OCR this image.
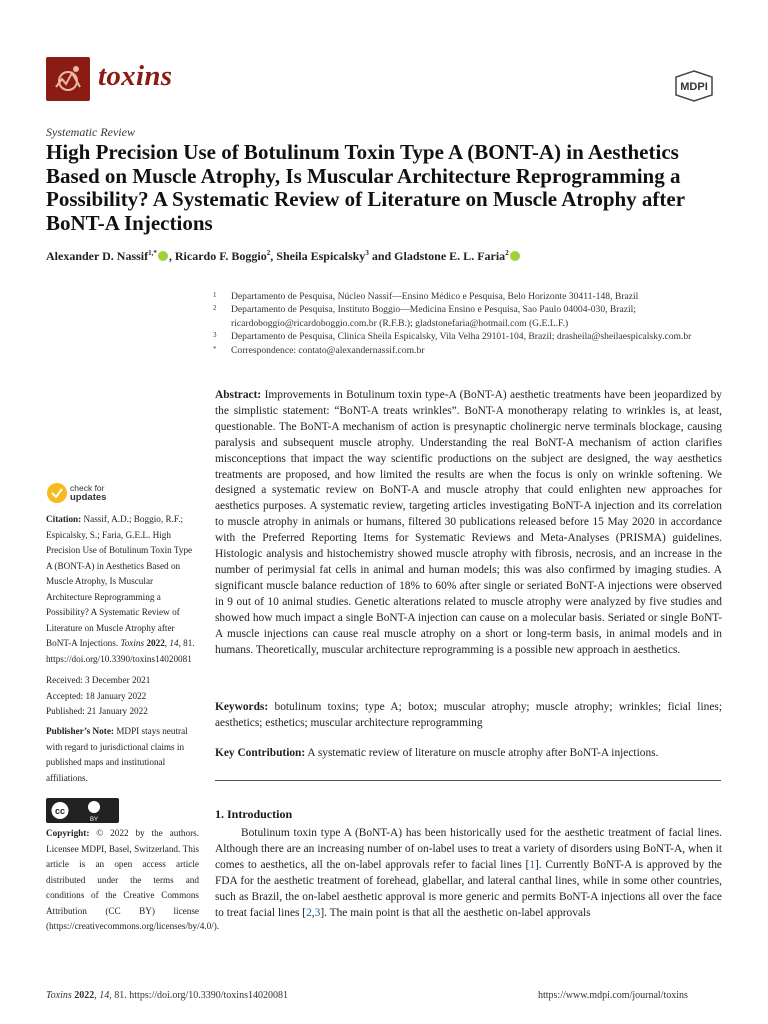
toxins	MDPI
Systematic Review
High Precision Use of Botulinum Toxin Type A (BONT-A) in Aesthetics Based on Muscle Atrophy, Is Muscular Architecture Reprogramming a Possibility? A Systematic Review of Literature on Muscle Atrophy after BoNT-A Injections
Alexander D. Nassif$^{1,*}$ , Ricardo F. Boggio$^2$, Sheila Espicalsky$^3$ and Gladstone E. L. Faria$^2$
1	Departamento de Pesquisa, Núcleo Nassif—Ensino Médico e Pesquisa, Belo Horizonte 30411-148, Brazil
2	Departamento de Pesquisa, Instituto Boggio—Medicina Ensino e Pesquisa, Sao Paulo 04004-030, Brazil; ricardoboggio@ricardoboggio.com.br (R.F.B.); gladstonefaria@hotmail.com (G.E.L.F.)
3	Departamento de Pesquisa, Clinica Sheila Espicalsky, Vila Velha 29101-104, Brazil; drasheila@sheilaespicalsky.com.br
*	Correspondence: contato@alexandernassif.com.br
Abstract: Improvements in Botulinum toxin type-A (BoNT-A) aesthetic treatments have been jeopardized by the simplistic statement: “BoNT-A treats wrinkles”. BoNT-A monotherapy relating to wrinkles is, at least, questionable. The BoNT-A mechanism of action is presynaptic cholinergic nerve terminals blockage, causing paralysis and subsequent muscle atrophy. Understanding the real BoNT-A mechanism of action clarifies misconceptions that impact the way scientific productions on the subject are designed, the way aesthetics treatments are proposed, and how limited the results are when the focus is only on wrinkle softening. We designed a systematic review on BoNT-A and muscle atrophy that could enlighten new approaches for aesthetics purposes. A systematic review, targeting articles investigating BoNT-A injection and its correlation to muscle atrophy in animals or humans, filtered 30 publications released before 15 May 2020 in accordance with the Preferred Reporting Items for Systematic Reviews and Meta-Analyses (PRISMA) guidelines. Histologic analysis and histochemistry showed muscle atrophy with fibrosis, necrosis, and an increase in the number of perimysial fat cells in animal and human models; this was also confirmed by imaging studies. A significant muscle balance reduction of 18% to 60% after single or seriated BoNT-A injections were observed in 9 out of 10 animal studies. Genetic alterations related to muscle atrophy were analyzed by five studies and showed how much impact a single BoNT-A injection can cause on a molecular basis. Seriated or single BoNT-A muscle injections can cause real muscle atrophy on a short or long-term basis, in animal models and in humans. Theoretically, muscular architecture reprogramming is a possible new approach in aesthetics.
Keywords: botulinum toxins; type A; botox; muscular atrophy; muscle atrophy; wrinkles; ficial lines; aesthetics; esthetics; muscular architecture reprogramming
Key Contribution: A systematic review of literature on muscle atrophy after BoNT-A injections.
1. Introduction

Botulinum toxin type A (BoNT-A) has been historically used for the aesthetic treatment of facial lines. Although there are an increasing number of on-label uses to treat a variety of disorders using BoNT-A, when it comes to aesthetics, all the on-label approvals refer to facial lines [1]. Currently BoNT-A is approved by the FDA for the aesthetic treatment of forehead, glabellar, and lateral canthal lines, while in some other countries, such as Brazil, the on-label aesthetic approval is more generic and permits BoNT-A injections all over the face to treat facial lines [2,3]. The main point is that all the aesthetic on-label approvals

check for
updates
Citation: Nassif, A.D.; Boggio, R.F.; Espicalsky, S.; Faria, G.E.L. High Precision Use of Botulinum Toxin Type A (BONT-A) in Aesthetics Based on Muscle Atrophy, Is Muscular Architecture Reprogramming a Possibility? A Systematic Review of Literature on Muscle Atrophy after BoNT-A Injections. Toxins 2022, 14, 81. https://doi.org/10.3390/toxins14020081
Received: 3 December 2021
Accepted: 18 January 2022
Published: 21 January 2022
Publisher’s Note: MDPI stays neutral with regard to jurisdictional claims in published maps and institutional affiliations.
cc
BY
Copyright: © 2022 by the authors. Licensee MDPI, Basel, Switzerland. This article is an open access article distributed under the terms and conditions of the Creative Commons Attribution (CC BY) license (https://creativecommons.org/licenses/by/4.0/).
Toxins 2022, 14, 81. https://doi.org/10.3390/toxins14020081	https://www.mdpi.com/journal/toxins
